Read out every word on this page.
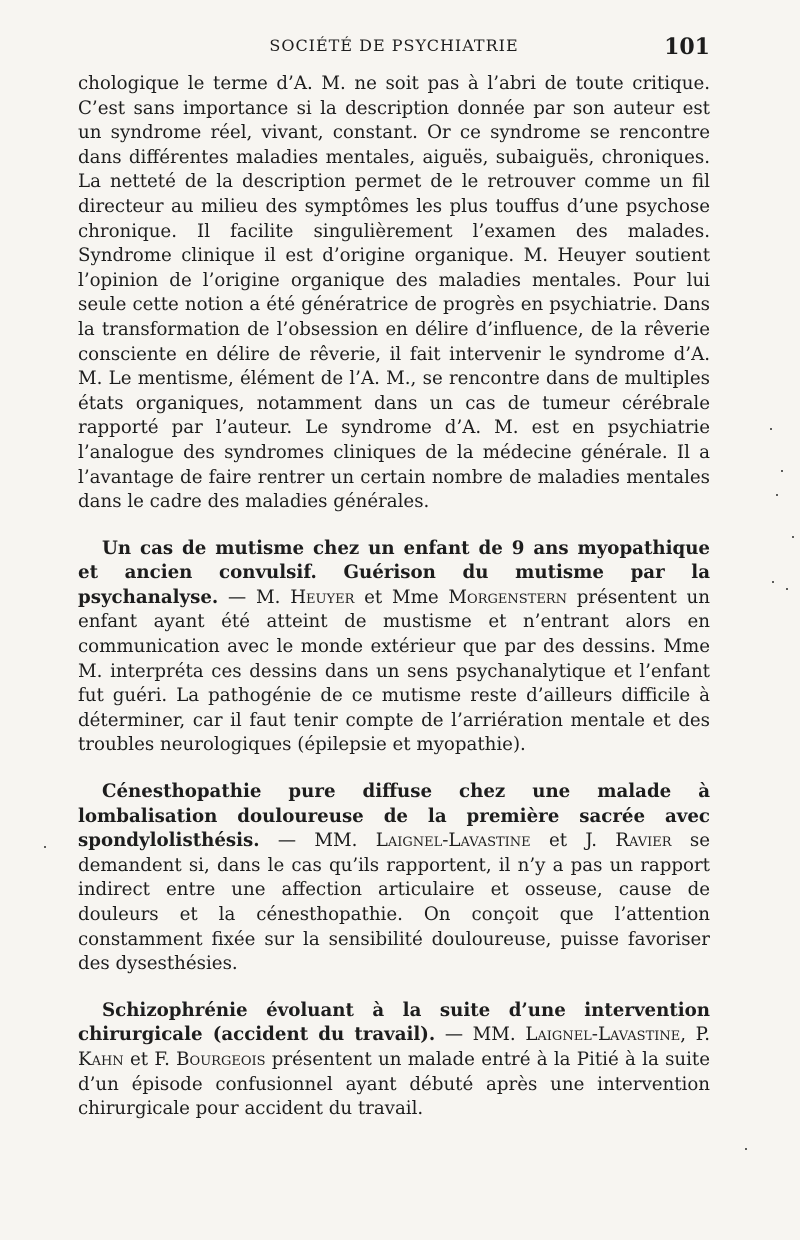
SOCIÉTÉ DE PSYCHIATRIE	101

chologique le terme d’A. M. ne soit pas à l’abri de toute critique. C’est sans importance si la description donnée par son auteur est un syndrome réel, vivant, constant. Or ce syndrome se rencontre dans différentes maladies mentales, aiguës, subaiguës, chroniques. La netteté de la description permet de le retrouver comme un fil directeur au milieu des symptômes les plus touffus d’une psychose chronique. Il facilite singulièrement l’examen des malades. Syndrome clinique il est d’origine organique. M. Heuyer soutient l’opinion de l’origine organique des maladies mentales. Pour lui seule cette notion a été génératrice de progrès en psychiatrie. Dans la transformation de l’obsession en délire d’influence, de la rêverie consciente en délire de rêverie, il fait intervenir le syndrome d’A. M. Le mentisme, élément de l’A. M., se rencontre dans de multiples états organiques, notamment dans un cas de tumeur cérébrale rapporté par l’auteur. Le syndrome d’A. M. est en psychiatrie l’analogue des syndromes cliniques de la médecine générale. Il a l’avantage de faire rentrer un certain nombre de maladies mentales dans le cadre des maladies générales.

Un cas de mutisme chez un enfant de 9 ans myopathique et ancien convulsif. Guérison du mutisme par la psychanalyse. — M. Heuyer et Mme Morgenstern présentent un enfant ayant été atteint de mustisme et n’entrant alors en communication avec le monde extérieur que par des dessins. Mme M. interpréta ces dessins dans un sens psychanalytique et l’enfant fut guéri. La pathogénie de ce mutisme reste d’ailleurs difficile à déterminer, car il faut tenir compte de l’arriération mentale et des troubles neurologiques (épilepsie et myopathie).

Cénesthopathie pure diffuse chez une malade à lombalisation douloureuse de la première sacrée avec spondylolisthésis. — MM. Laignel-Lavastine et J. Ravier se demandent si, dans le cas qu’ils rapportent, il n’y a pas un rapport indirect entre une affection articulaire et osseuse, cause de douleurs et la cénesthopathie. On conçoit que l’attention constamment fixée sur la sensibilité douloureuse, puisse favoriser des dysesthésies.

Schizophrénie évoluant à la suite d’une intervention chirurgicale (accident du travail). — MM. Laignel-Lavastine, P. Kahn et F. Bourgeois présentent un malade entré à la Pitié à la suite d’un épisode confusionnel ayant débuté après une intervention chirurgicale pour accident du travail.
